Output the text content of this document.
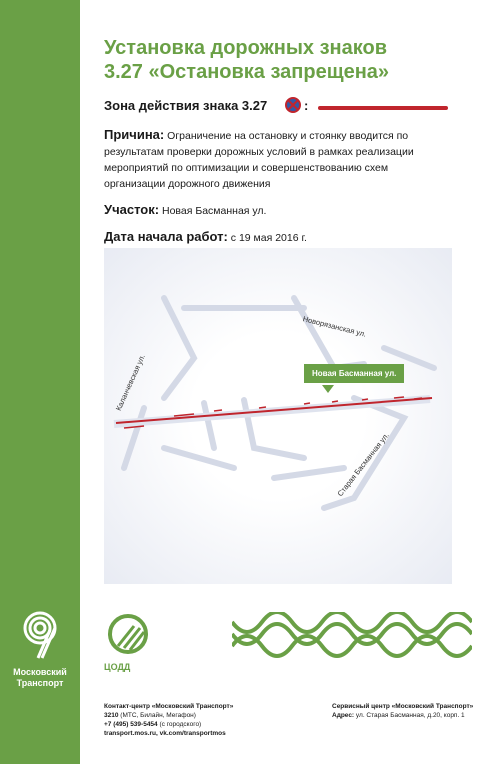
Московский
Транспорт
Установка дорожных знаков
3.27 «Остановка запрещена»
Зона действия знака 3.27	:
Причина: Ограничение на остановку и стоянку вводится по результатам проверки дорожных условий в рамках реализации мероприятий по оптимизации и совершенствованию схем организации дорожного движения
Участок: Новая Басманная ул.
Дата начала работ: с 19 мая 2016 г.
Новая Басманная ул.
Новорязанская ул.
Каланчевская ул.
Старая Басманная ул.
ЦОДД
Контакт-центр «Московский Транспорт»
3210 (МТС, Билайн, Мегафон)
+7 (495) 539-5454 (с городского)
transport.mos.ru, vk.com/transportmos
Сервисный центр «Московский Транспорт»
Адрес: ул. Старая Басманная, д.20, корп. 1
